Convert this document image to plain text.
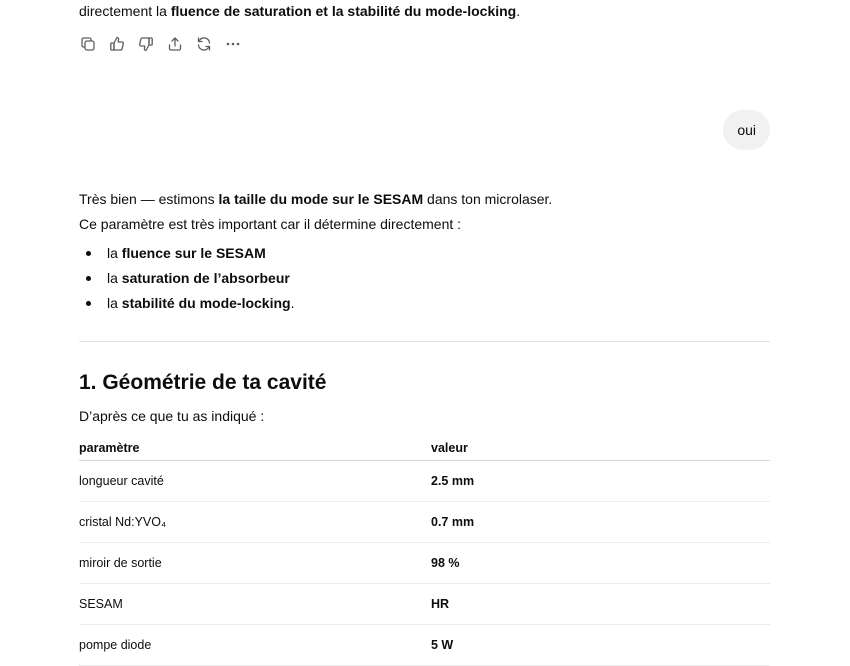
directement la fluence de saturation et la stabilité du mode-locking.
oui
Très bien — estimons la taille du mode sur le SESAM dans ton microlaser.
Ce paramètre est très important car il détermine directement :
la fluence sur le SESAM
la saturation de l’absorbeur
la stabilité du mode-locking.
1. Géométrie de ta cavité
D’après ce que tu as indiqué :
paramètre	valeur
longueur cavité	2.5 mm
cristal Nd:YVO₄	0.7 mm
miroir de sortie	98 %
SESAM	HR
pompe diode	5 W
